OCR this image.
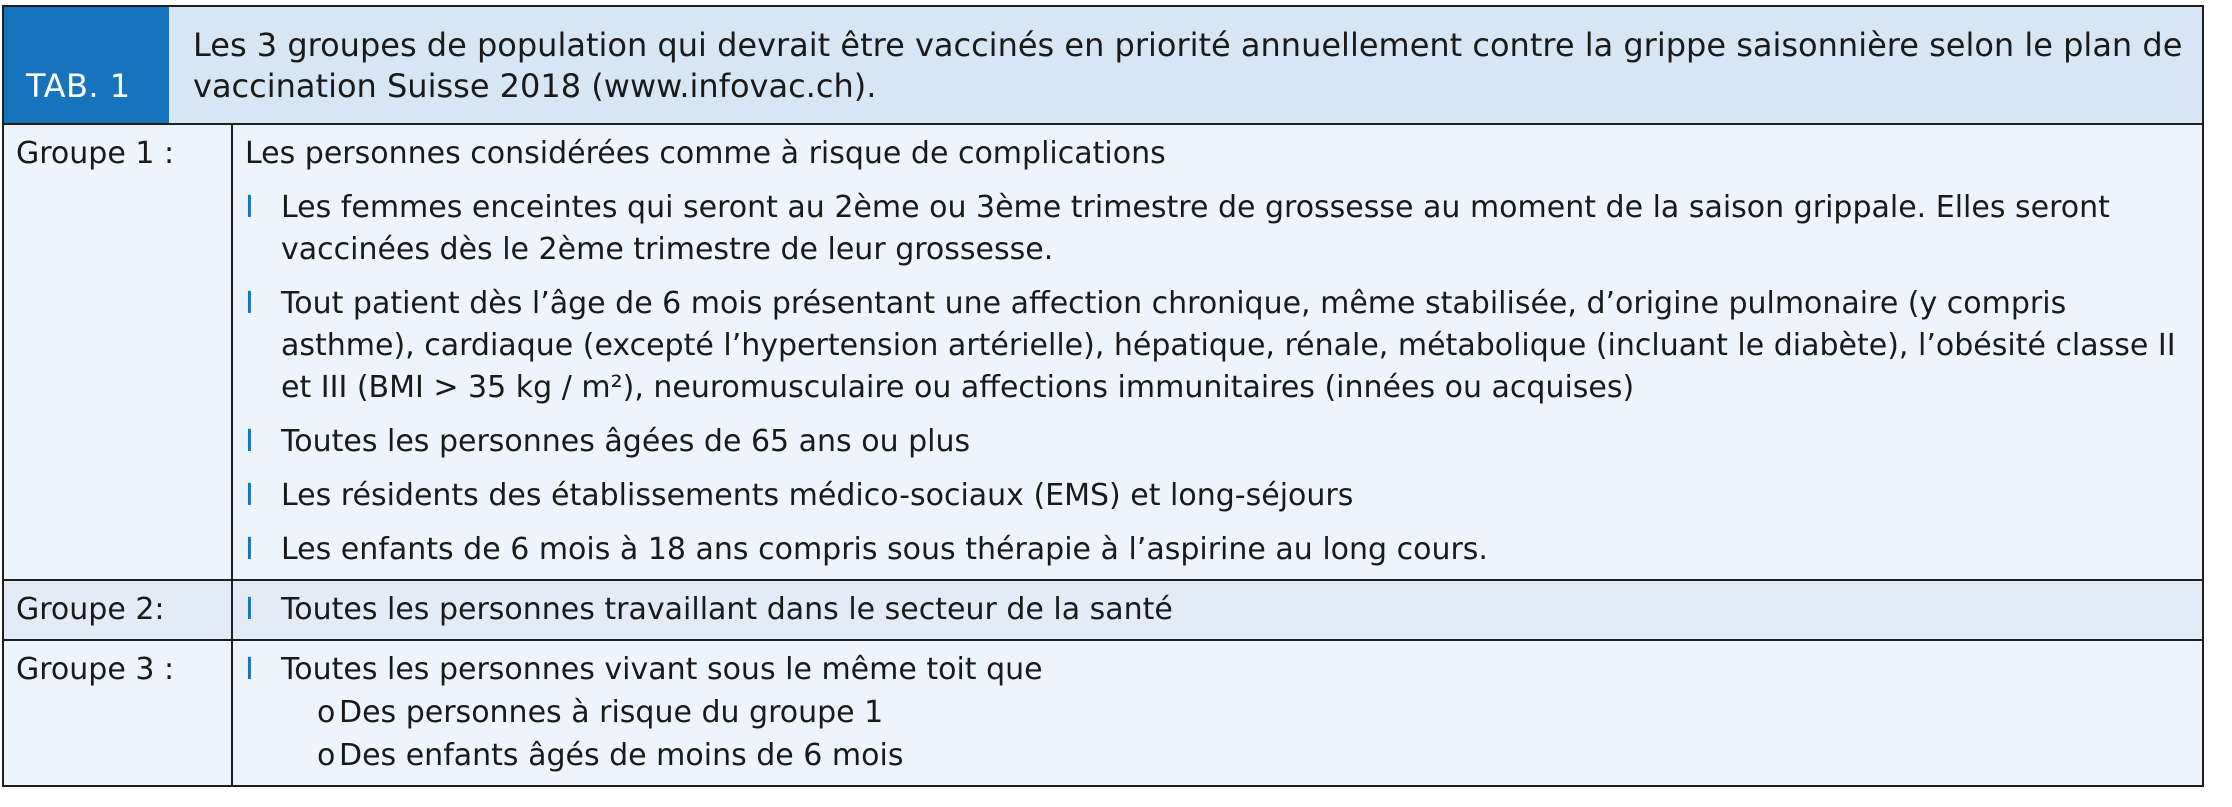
TAB. 1
Les 3 groupes de population qui devrait être vaccinés en priorité annuellement contre la grippe saisonnière selon le plan de vaccination Suisse 2018 (www.infovac.ch).
Groupe 1 :	Les personnes considérées comme à risque de complications
I Les femmes enceintes qui seront au 2ème ou 3ème trimestre de grossesse au moment de la saison grippale. Elles seront vaccinées dès le 2ème trimestre de leur grossesse.
I Tout patient dès l’âge de 6 mois présentant une affection chronique, même stabilisée, d’origine pulmonaire (y compris asthme), cardiaque (excepté l’hypertension artérielle), hépatique, rénale, métabolique (incluant le diabète), l’obésité classe II et III (BMI > 35 kg / m²), neuromusculaire ou affections immunitaires (innées ou acquises)
I Toutes les personnes âgées de 65 ans ou plus
I Les résidents des établissements médico-sociaux (EMS) et long-séjours
I Les enfants de 6 mois à 18 ans compris sous thérapie à l’aspirine au long cours.
Groupe 2:	I Toutes les personnes travaillant dans le secteur de la santé
Groupe 3 :	I Toutes les personnes vivant sous le même toit que
o Des personnes à risque du groupe 1
o Des enfants âgés de moins de 6 mois
